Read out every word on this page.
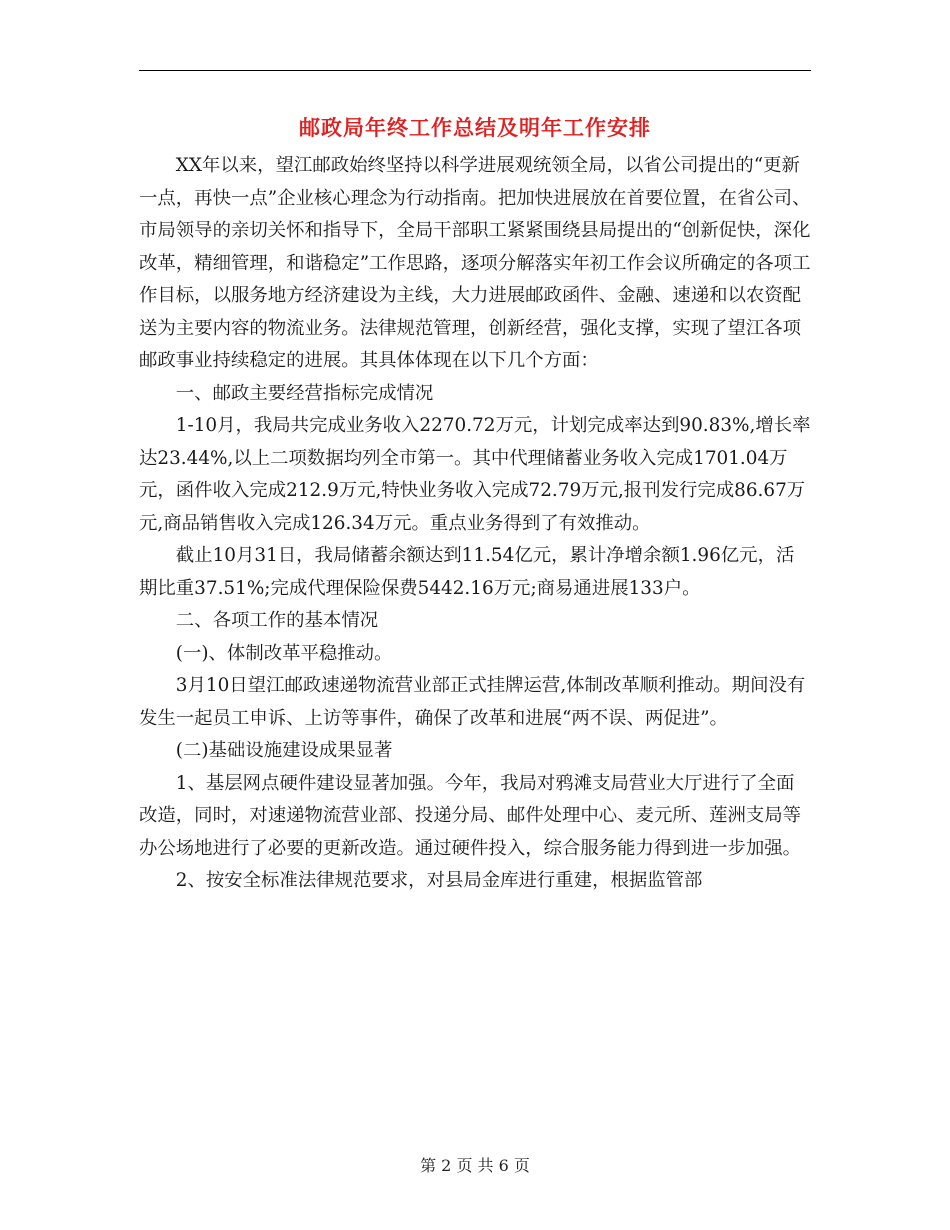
邮政局年终工作总结及明年工作安排

XX年以来，望江邮政始终坚持以科学进展观统领全局，以省公司提出的“更新一点，再快一点”企业核心理念为行动指南。把加快进展放在首要位置，在省公司、市局领导的亲切关怀和指导下，全局干部职工紧紧围绕县局提出的“创新促快，深化改革，精细管理，和谐稳定”工作思路，逐项分解落实年初工作会议所确定的各项工作目标，以服务地方经济建设为主线，大力进展邮政函件、金融、速递和以农资配送为主要内容的物流业务。法律规范管理，创新经营，强化支撑，实现了望江各项邮政事业持续稳定的进展。其具体体现在以下几个方面：

一、邮政主要经营指标完成情况

1-10月，我局共完成业务收入2270.72万元，计划完成率达到90.83%,增长率达23.44%,以上二项数据均列全市第一。其中代理储蓄业务收入完成1701.04万元，函件收入完成212.9万元,特快业务收入完成72.79万元,报刊发行完成86.67万元,商品销售收入完成126.34万元。重点业务得到了有效推动。

截止10月31日，我局储蓄余额达到11.54亿元，累计净增余额1.96亿元，活期比重37.51%;完成代理保险保费5442.16万元;商易通进展133户。

二、各项工作的基本情况

(一)、体制改革平稳推动。

3月10日望江邮政速递物流营业部正式挂牌运营,体制改革顺利推动。期间没有发生一起员工申诉、上访等事件，确保了改革和进展“两不误、两促进”。

(二)基础设施建设成果显著

1、基层网点硬件建设显著加强。今年，我局对鸦滩支局营业大厅进行了全面改造，同时，对速递物流营业部、投递分局、邮件处理中心、麦元所、莲洲支局等办公场地进行了必要的更新改造。通过硬件投入，综合服务能力得到进一步加强。

2、按安全标准法律规范要求，对县局金库进行重建，根据监管部

第 2 页 共 6 页
